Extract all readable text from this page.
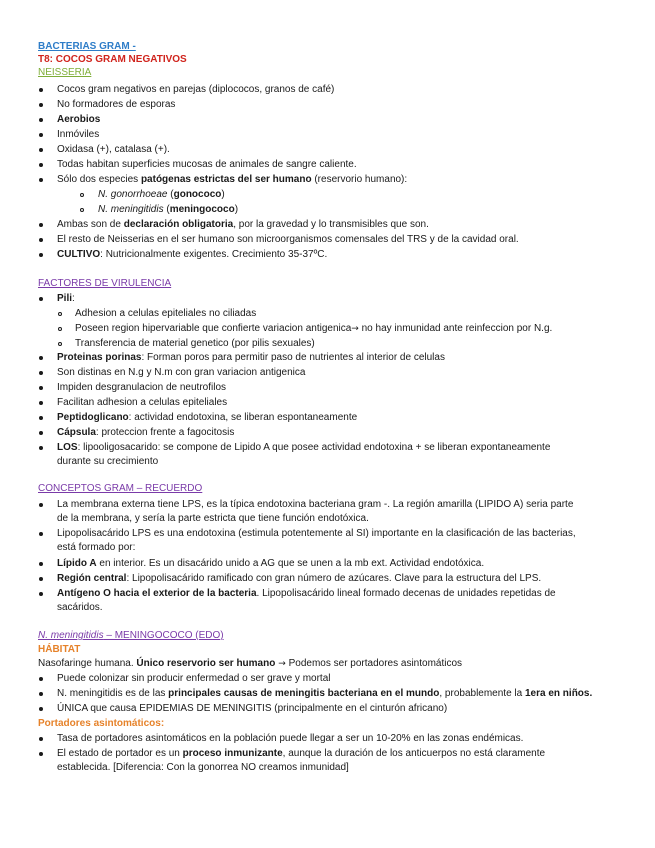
BACTERIAS GRAM -
T8: COCOS GRAM NEGATIVOS
NEISSERIA
Cocos gram negativos en parejas (diplococos, granos de café)
No formadores de esporas
Aerobios
Inmóviles
Oxidasa (+), catalasa (+).
Todas habitan superficies mucosas de animales de sangre caliente.
Sólo dos especies patógenas estrictas del ser humano (reservorio humano):
N. gonorrhoeae (gonococo)
N. meningitidis (meningococo)
Ambas son de declaración obligatoria, por la gravedad y lo transmisibles que son.
El resto de Neisserias en el ser humano son microorganismos comensales del TRS y de la cavidad oral.
CULTIVO: Nutricionalmente exigentes. Crecimiento 35-37ºC.
FACTORES DE VIRULENCIA
Pili:
Adhesion a celulas epiteliales no ciliadas
Poseen region hipervariable que confierte variacion antigenica→ no hay inmunidad ante reinfeccion por N.g.
Transferencia de material genetico (por pilis sexuales)
Proteinas porinas: Forman poros para permitir paso de nutrientes al interior de celulas
Son distinas en N.g y N.m con gran variacion antigenica
Impiden desgranulacion de neutrofilos
Facilitan adhesion a celulas epiteliales
Peptidoglicano: actividad endotoxina, se liberan espontaneamente
Cápsula: proteccion frente a fagocitosis
LOS: lipooligosacarido: se compone de Lipido A que posee actividad endotoxina + se liberan expontaneamente
durante su crecimiento
CONCEPTOS GRAM – RECUERDO
La membrana externa tiene LPS, es la típica endotoxina bacteriana gram -. La región amarilla (LIPIDO A) seria parte
de la membrana, y sería la parte estricta que tiene función endotóxica.
Lipopolisacárido LPS es una endotoxina (estimula potentemente al SI) importante en la clasificación de las bacterias,
está formado por:
Lípido A en interior. Es un disacárido unido a AG que se unen a la mb ext. Actividad endotóxica.
Región central: Lipopolisacárido ramificado con gran número de azúcares. Clave para la estructura del LPS.
Antígeno O hacia el exterior de la bacteria. Lipopolisacárido lineal formado decenas de unidades repetidas de
sacáridos.
N. meningitidis – MENINGOCOCO (EDO)
HÁBITAT
Nasofaringe humana. Único reservorio ser humano → Podemos ser portadores asintomáticos
Puede colonizar sin producir enfermedad o ser grave y mortal
N. meningitidis es de las principales causas de meningitis bacteriana en el mundo, probablemente la 1era en niños.
ÚNICA que causa EPIDEMIAS DE MENINGITIS (principalmente en el cinturón africano)
Portadores asintomáticos:
Tasa de portadores asintomáticos en la población puede llegar a ser un 10-20% en las zonas endémicas.
El estado de portador es un proceso inmunizante, aunque la duración de los anticuerpos no está claramente
establecida. [Diferencia: Con la gonorrea NO creamos inmunidad]
